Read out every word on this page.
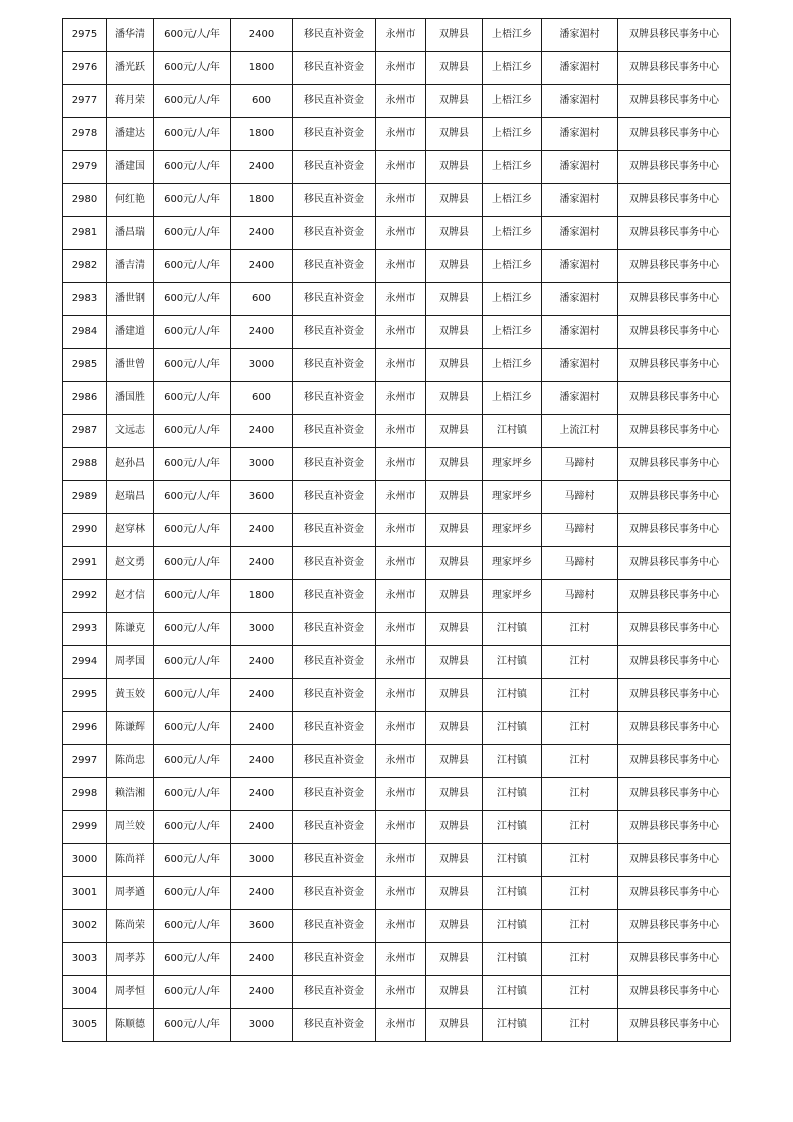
2975	潘华清	600元/人/年	2400	移民直补资金	永州市	双牌县	上梧江乡	潘家湄村	双牌县移民事务中心
2976	潘光跃	600元/人/年	1800	移民直补资金	永州市	双牌县	上梧江乡	潘家湄村	双牌县移民事务中心
2977	蒋月荣	600元/人/年	600	移民直补资金	永州市	双牌县	上梧江乡	潘家湄村	双牌县移民事务中心
2978	潘建达	600元/人/年	1800	移民直补资金	永州市	双牌县	上梧江乡	潘家湄村	双牌县移民事务中心
2979	潘建国	600元/人/年	2400	移民直补资金	永州市	双牌县	上梧江乡	潘家湄村	双牌县移民事务中心
2980	何红艳	600元/人/年	1800	移民直补资金	永州市	双牌县	上梧江乡	潘家湄村	双牌县移民事务中心
2981	潘昌瑞	600元/人/年	2400	移民直补资金	永州市	双牌县	上梧江乡	潘家湄村	双牌县移民事务中心
2982	潘吉清	600元/人/年	2400	移民直补资金	永州市	双牌县	上梧江乡	潘家湄村	双牌县移民事务中心
2983	潘世钢	600元/人/年	600	移民直补资金	永州市	双牌县	上梧江乡	潘家湄村	双牌县移民事务中心
2984	潘建道	600元/人/年	2400	移民直补资金	永州市	双牌县	上梧江乡	潘家湄村	双牌县移民事务中心
2985	潘世曾	600元/人/年	3000	移民直补资金	永州市	双牌县	上梧江乡	潘家湄村	双牌县移民事务中心
2986	潘国胜	600元/人/年	600	移民直补资金	永州市	双牌县	上梧江乡	潘家湄村	双牌县移民事务中心
2987	文远志	600元/人/年	2400	移民直补资金	永州市	双牌县	江村镇	上流江村	双牌县移民事务中心
2988	赵孙昌	600元/人/年	3000	移民直补资金	永州市	双牌县	理家坪乡	马蹄村	双牌县移民事务中心
2989	赵瑞昌	600元/人/年	3600	移民直补资金	永州市	双牌县	理家坪乡	马蹄村	双牌县移民事务中心
2990	赵穿林	600元/人/年	2400	移民直补资金	永州市	双牌县	理家坪乡	马蹄村	双牌县移民事务中心
2991	赵文勇	600元/人/年	2400	移民直补资金	永州市	双牌县	理家坪乡	马蹄村	双牌县移民事务中心
2992	赵才信	600元/人/年	1800	移民直补资金	永州市	双牌县	理家坪乡	马蹄村	双牌县移民事务中心
2993	陈谦克	600元/人/年	3000	移民直补资金	永州市	双牌县	江村镇	江村	双牌县移民事务中心
2994	周孝国	600元/人/年	2400	移民直补资金	永州市	双牌县	江村镇	江村	双牌县移民事务中心
2995	黄玉姣	600元/人/年	2400	移民直补资金	永州市	双牌县	江村镇	江村	双牌县移民事务中心
2996	陈谦辉	600元/人/年	2400	移民直补资金	永州市	双牌县	江村镇	江村	双牌县移民事务中心
2997	陈尚忠	600元/人/年	2400	移民直补资金	永州市	双牌县	江村镇	江村	双牌县移民事务中心
2998	赖浩湘	600元/人/年	2400	移民直补资金	永州市	双牌县	江村镇	江村	双牌县移民事务中心
2999	周兰姣	600元/人/年	2400	移民直补资金	永州市	双牌县	江村镇	江村	双牌县移民事务中心
3000	陈尚祥	600元/人/年	3000	移民直补资金	永州市	双牌县	江村镇	江村	双牌县移民事务中心
3001	周孝遒	600元/人/年	2400	移民直补资金	永州市	双牌县	江村镇	江村	双牌县移民事务中心
3002	陈尚荣	600元/人/年	3600	移民直补资金	永州市	双牌县	江村镇	江村	双牌县移民事务中心
3003	周孝苏	600元/人/年	2400	移民直补资金	永州市	双牌县	江村镇	江村	双牌县移民事务中心
3004	周孝恒	600元/人/年	2400	移民直补资金	永州市	双牌县	江村镇	江村	双牌县移民事务中心
3005	陈顺德	600元/人/年	3000	移民直补资金	永州市	双牌县	江村镇	江村	双牌县移民事务中心
